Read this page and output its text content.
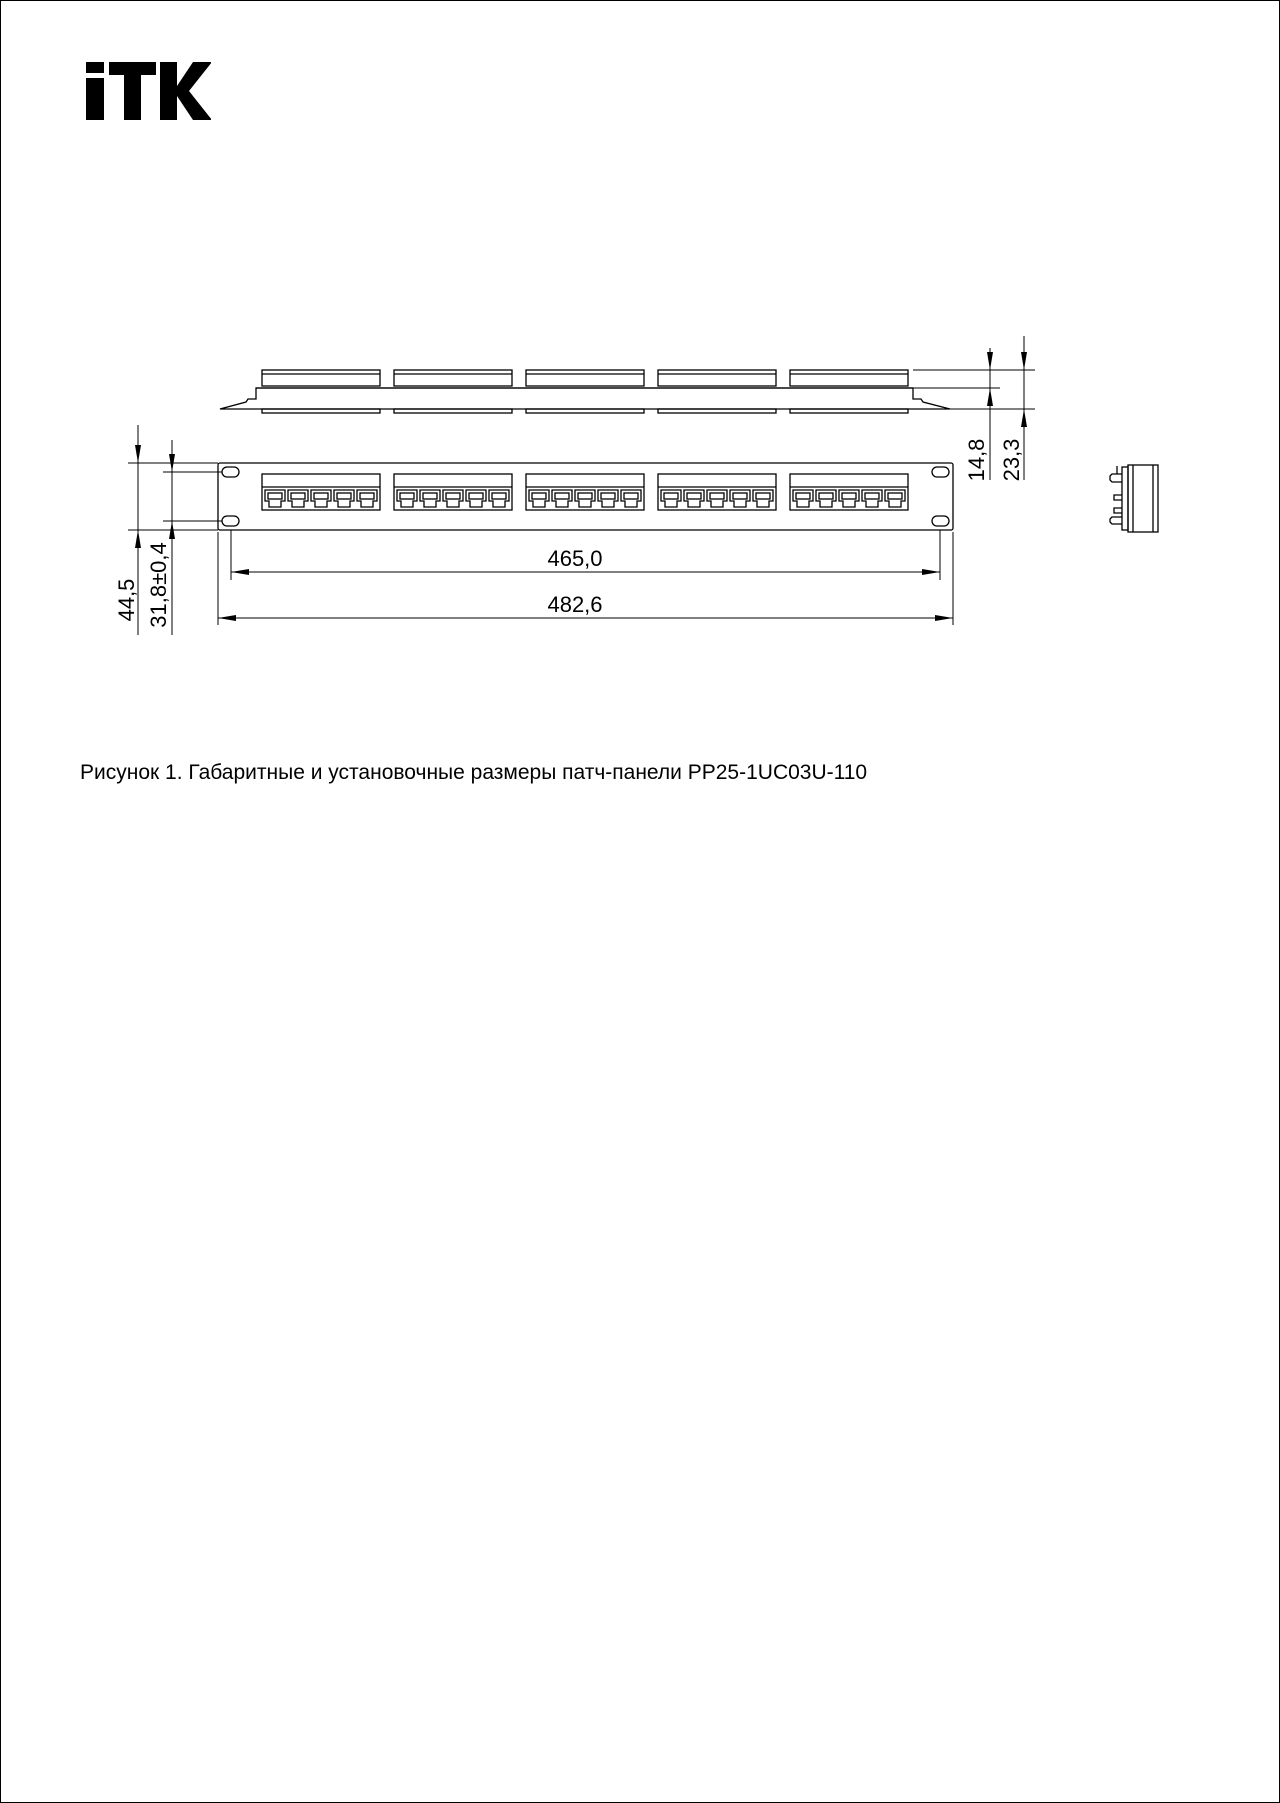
465,0
482,6
44,5 31,8±0,4
14,8 23,3
Рисунок 1. Габаритные и установочные размеры патч-панели PP25-1UC03U-110
